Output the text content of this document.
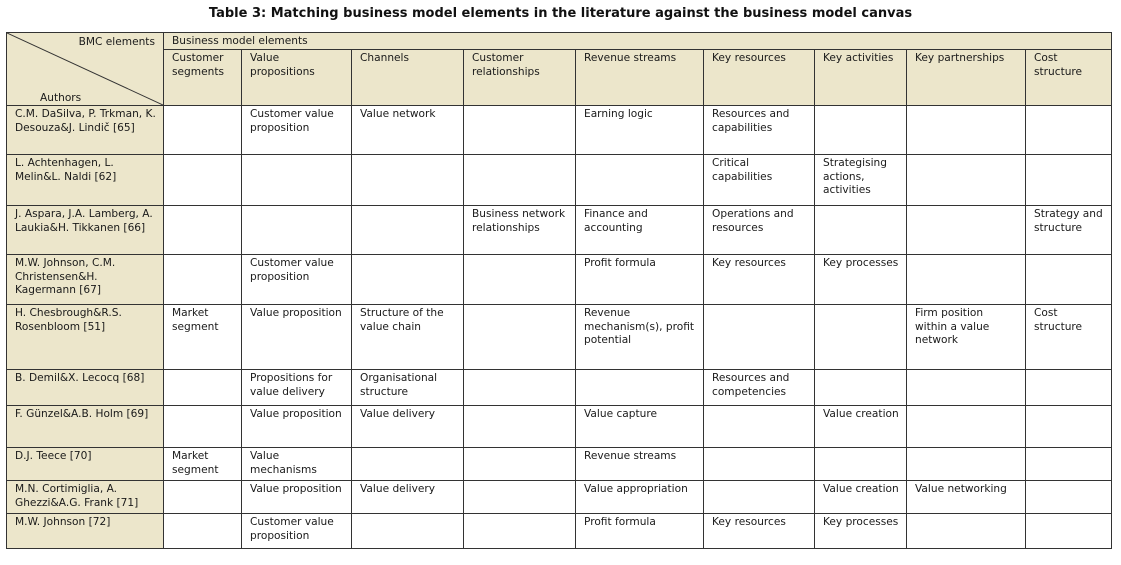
Table 3: Matching business model elements in the literature against the business model canvas
BMC elements
Authors	Business model elements								
	Customer segments	Value propositions	Channels	Customer relationships	Revenue streams	Key resources	Key activities	Key partnerships	Cost structure
C.M. DaSilva, P. Trkman, K. Desouza&J. Lindič [65]		Customer value proposition	Value network		Earning logic	Resources and capabilities			
L. Achtenhagen, L. Melin&L. Naldi [62]						Critical capabilities	Strategising actions, activities		
J. Aspara, J.A. Lamberg, A. Laukia&H. Tikkanen [66]				Business network relationships	Finance and accounting	Operations and resources			Strategy and structure
M.W. Johnson, C.M. Christensen&H. Kagermann [67]		Customer value proposition			Profit formula	Key resources	Key processes		
H. Chesbrough&R.S. Rosenbloom [51]	Market segment	Value proposition	Structure of the value chain		Revenue mechanism(s), profit potential			Firm position within a value network	Cost structure
B. Demil&X. Lecocq [68]		Propositions for value delivery	Organisational structure			Resources and competencies			
F. Günzel&A.B. Holm [69]		Value proposition	Value delivery		Value capture		Value creation		
D.J. Teece [70]	Market segment	Value mechanisms			Revenue streams				
M.N. Cortimiglia, A. Ghezzi&A.G. Frank [71]		Value proposition	Value delivery		Value appropriation		Value creation	Value networking	
M.W. Johnson [72]		Customer value proposition			Profit formula	Key resources	Key processes		
